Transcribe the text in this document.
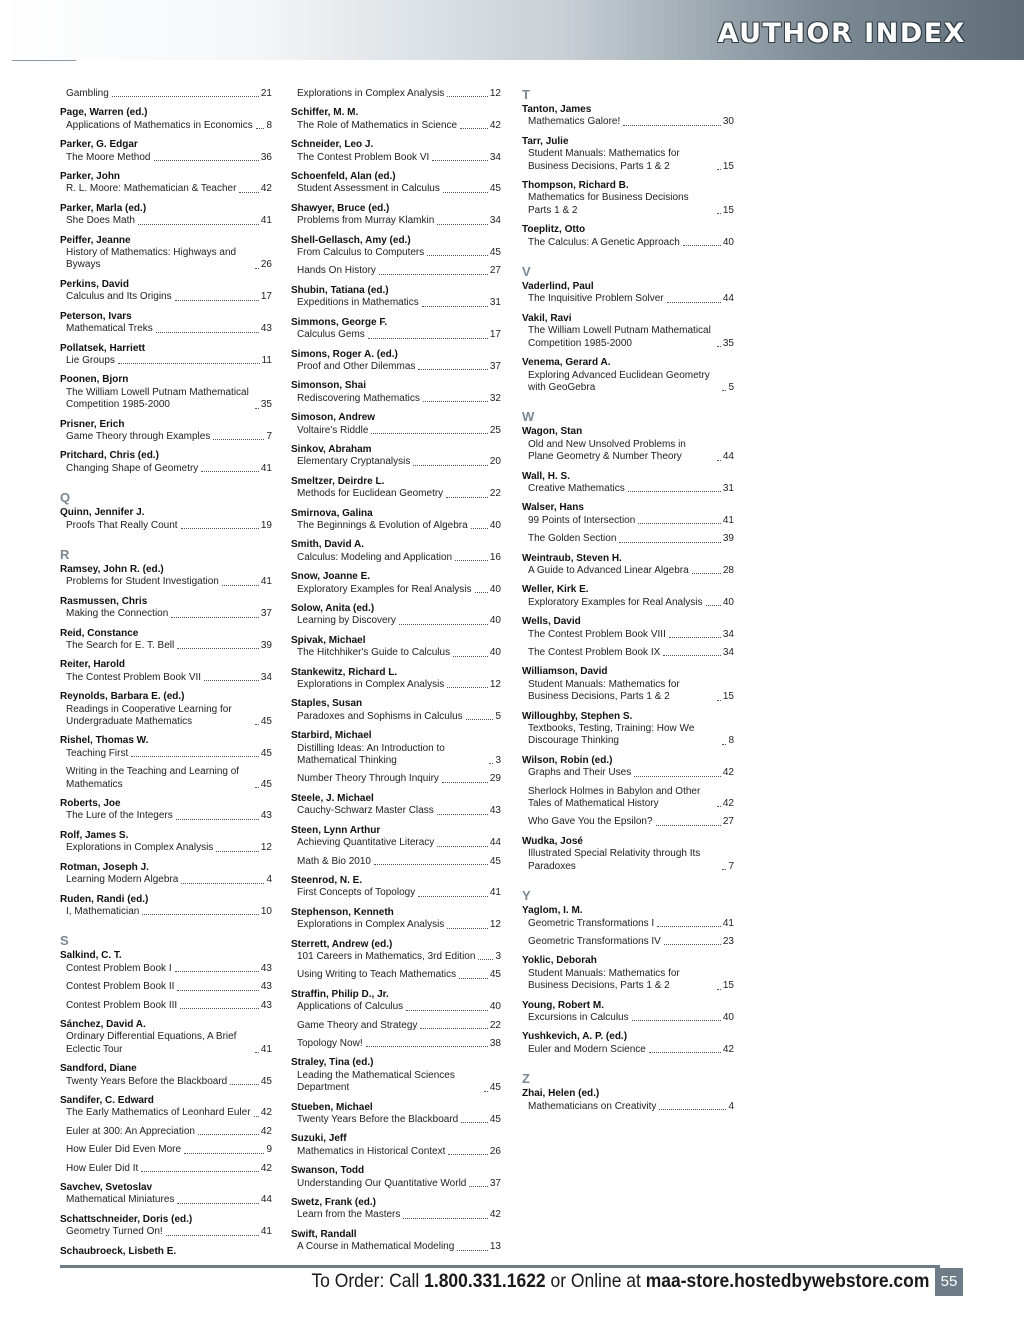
AUTHOR INDEX
Gambling	21
Page, Warren (ed.)
Applications of Mathematics in Economics 8
Parker, G. Edgar
The Moore Method	36
Parker, John
R. L. Moore: Mathematician & Teacher 42
Parker, Marla (ed.)
She Does Math	41
Peiffer, Jeanne
History of Mathematics: Highways and Byways	26
Perkins, David
Calculus and Its Origins	17
Peterson, Ivars
Mathematical Treks	43
Pollatsek, Harriett
Lie Groups	11
Poonen, Bjorn
The William Lowell Putnam Mathematical Competition 1985-2000	35
Prisner, Erich
Game Theory through Examples	7
Pritchard, Chris (ed.)
Changing Shape of Geometry	41
Q
Quinn, Jennifer J.
Proofs That Really Count	19
R
Ramsey, John R. (ed.)
Problems for Student Investigation	41
Rasmussen, Chris
Making the Connection	37
Reid, Constance
The Search for E. T. Bell	39
Reiter, Harold
The Contest Problem Book VII	34
Reynolds, Barbara E. (ed.)
Readings in Cooperative Learning for Undergraduate Mathematics	45
Rishel, Thomas W.
Teaching First	45
Writing in the Teaching and Learning of Mathematics	45
Roberts, Joe
The Lure of the Integers	43
Rolf, James S.
Explorations in Complex Analysis	12
Rotman, Joseph J.
Learning Modern Algebra	4
Ruden, Randi (ed.)
I, Mathematician	10
S
Salkind, C. T.
Contest Problem Book I	43
Contest Problem Book II	43
Contest Problem Book III	43
Sánchez, David A.
Ordinary Differential Equations, A Brief Eclectic Tour	41
Sandford, Diane
Twenty Years Before the Blackboard	45
Sandifer, C. Edward
The Early Mathematics of Leonhard Euler 42
Euler at 300: An Appreciation	42
How Euler Did Even More	9
How Euler Did It	42
Savchev, Svetoslav
Mathematical Miniatures	44
Schattschneider, Doris (ed.)
Geometry Turned On!	41
Schaubroeck, Lisbeth E.
Explorations in Complex Analysis	12
Schiffer, M. M.
The Role of Mathematics in Science	42
Schneider, Leo J.
The Contest Problem Book VI	34
Schoenfeld, Alan (ed.)
Student Assessment in Calculus	45
Shawyer, Bruce (ed.)
Problems from Murray Klamkin	34
Shell-Gellasch, Amy (ed.)
From Calculus to Computers	45
Hands On History	27
Shubin, Tatiana (ed.)
Expeditions in Mathematics	31
Simmons, George F.
Calculus Gems	17
Simons, Roger A. (ed.)
Proof and Other Dilemmas	37
Simonson, Shai
Rediscovering Mathematics	32
Simoson, Andrew
Voltaire's Riddle	25
Sinkov, Abraham
Elementary Cryptanalysis	20
Smeltzer, Deirdre L.
Methods for Euclidean Geometry	22
Smirnova, Galina
The Beginnings & Evolution of Algebra 40
Smith, David A.
Calculus: Modeling and Application	16
Snow, Joanne E.
Exploratory Examples for Real Analysis 40
Solow, Anita (ed.)
Learning by Discovery	40
Spivak, Michael
The Hitchhiker's Guide to Calculus	40
Stankewitz, Richard L.
Explorations in Complex Analysis	12
Staples, Susan
Paradoxes and Sophisms in Calculus	5
Starbird, Michael
Distilling Ideas: An Introduction to Mathematical Thinking	3
Number Theory Through Inquiry	29
Steele, J. Michael
Cauchy-Schwarz Master Class	43
Steen, Lynn Arthur
Achieving Quantitative Literacy	44
Math & Bio 2010	45
Steenrod, N. E.
First Concepts of Topology	41
Stephenson, Kenneth
Explorations in Complex Analysis	12
Sterrett, Andrew (ed.)
101 Careers in Mathematics, 3rd Edition 3
Using Writing to Teach Mathematics	45
Straffin, Philip D., Jr.
Applications of Calculus	40
Game Theory and Strategy	22
Topology Now!	38
Straley, Tina (ed.)
Leading the Mathematical Sciences Department	45
Stueben, Michael
Twenty Years Before the Blackboard	45
Suzuki, Jeff
Mathematics in Historical Context	26
Swanson, Todd
Understanding Our Quantitative World 37
Swetz, Frank (ed.)
Learn from the Masters	42
Swift, Randall
A Course in Mathematical Modeling	13
T
Tanton, James
Mathematics Galore!	30
Tarr, Julie
Student Manuals: Mathematics for Business Decisions, Parts 1 & 2	15
Thompson, Richard B.
Mathematics for Business Decisions Parts 1 & 2	15
Toeplitz, Otto
The Calculus: A Genetic Approach	40
V
Vaderlind, Paul
The Inquisitive Problem Solver	44
Vakil, Ravi
The William Lowell Putnam Mathematical Competition 1985-2000	35
Venema, Gerard A.
Exploring Advanced Euclidean Geometry with GeoGebra	5
W
Wagon, Stan
Old and New Unsolved Problems in Plane Geometry & Number Theory	44
Wall, H. S.
Creative Mathematics	31
Walser, Hans
99 Points of Intersection	41
The Golden Section	39
Weintraub, Steven H.
A Guide to Advanced Linear Algebra	28
Weller, Kirk E.
Exploratory Examples for Real Analysis 40
Wells, David
The Contest Problem Book VIII	34
The Contest Problem Book IX	34
Williamson, David
Student Manuals: Mathematics for Business Decisions, Parts 1 & 2	15
Willoughby, Stephen S.
Textbooks, Testing, Training: How We Discourage Thinking	8
Wilson, Robin (ed.)
Graphs and Their Uses	42
Sherlock Holmes in Babylon and Other Tales of Mathematical History	42
Who Gave You the Epsilon?	27
Wudka, José
Illustrated Special Relativity through Its Paradoxes	7
Y
Yaglom, I. M.
Geometric Transformations I	41
Geometric Transformations IV	23
Yoklic, Deborah
Student Manuals: Mathematics for Business Decisions, Parts 1 & 2	15
Young, Robert M.
Excursions in Calculus	40
Yushkevich, A. P. (ed.)
Euler and Modern Science	42
Z
Zhai, Helen (ed.)
Mathematicians on Creativity	4
To Order: Call 1.800.331.1622 or Online at maa-store.hostedbywebstore.com 55
